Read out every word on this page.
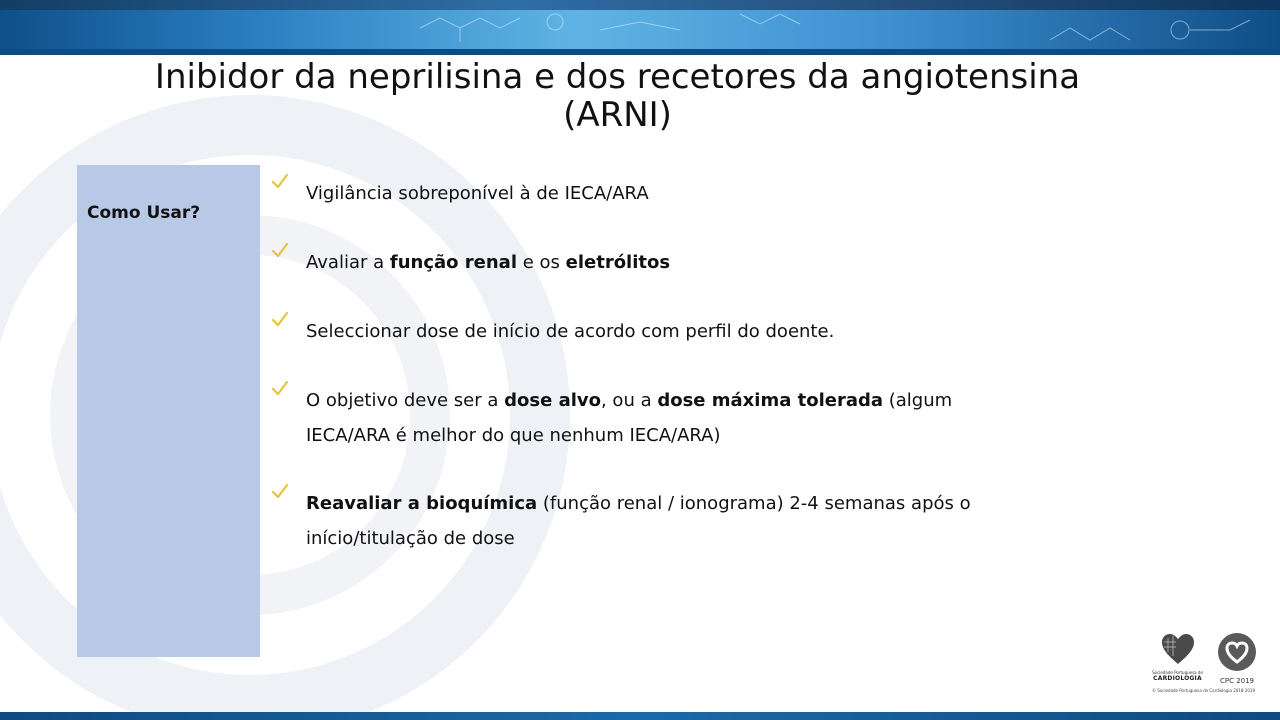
Inibidor da neprilisina e dos recetores da angiotensina
(ARNI)
Como Usar?
Vigilância sobreponível à de IECA/ARA
Avaliar a função renal e os eletrólitos
Seleccionar dose de início de acordo com perfil do doente.
O objetivo deve ser a dose alvo, ou a dose máxima tolerada (algum IECA/ARA é melhor do que nenhum IECA/ARA)
Reavaliar a bioquímica (função renal / ionograma) 2-4 semanas após o início/titulação de dose
Sociedade Portuguesa de
CARDIOLOGIA	CPC 2019
© Sociedade Portuguesa de Cardiologia 2018-2019
